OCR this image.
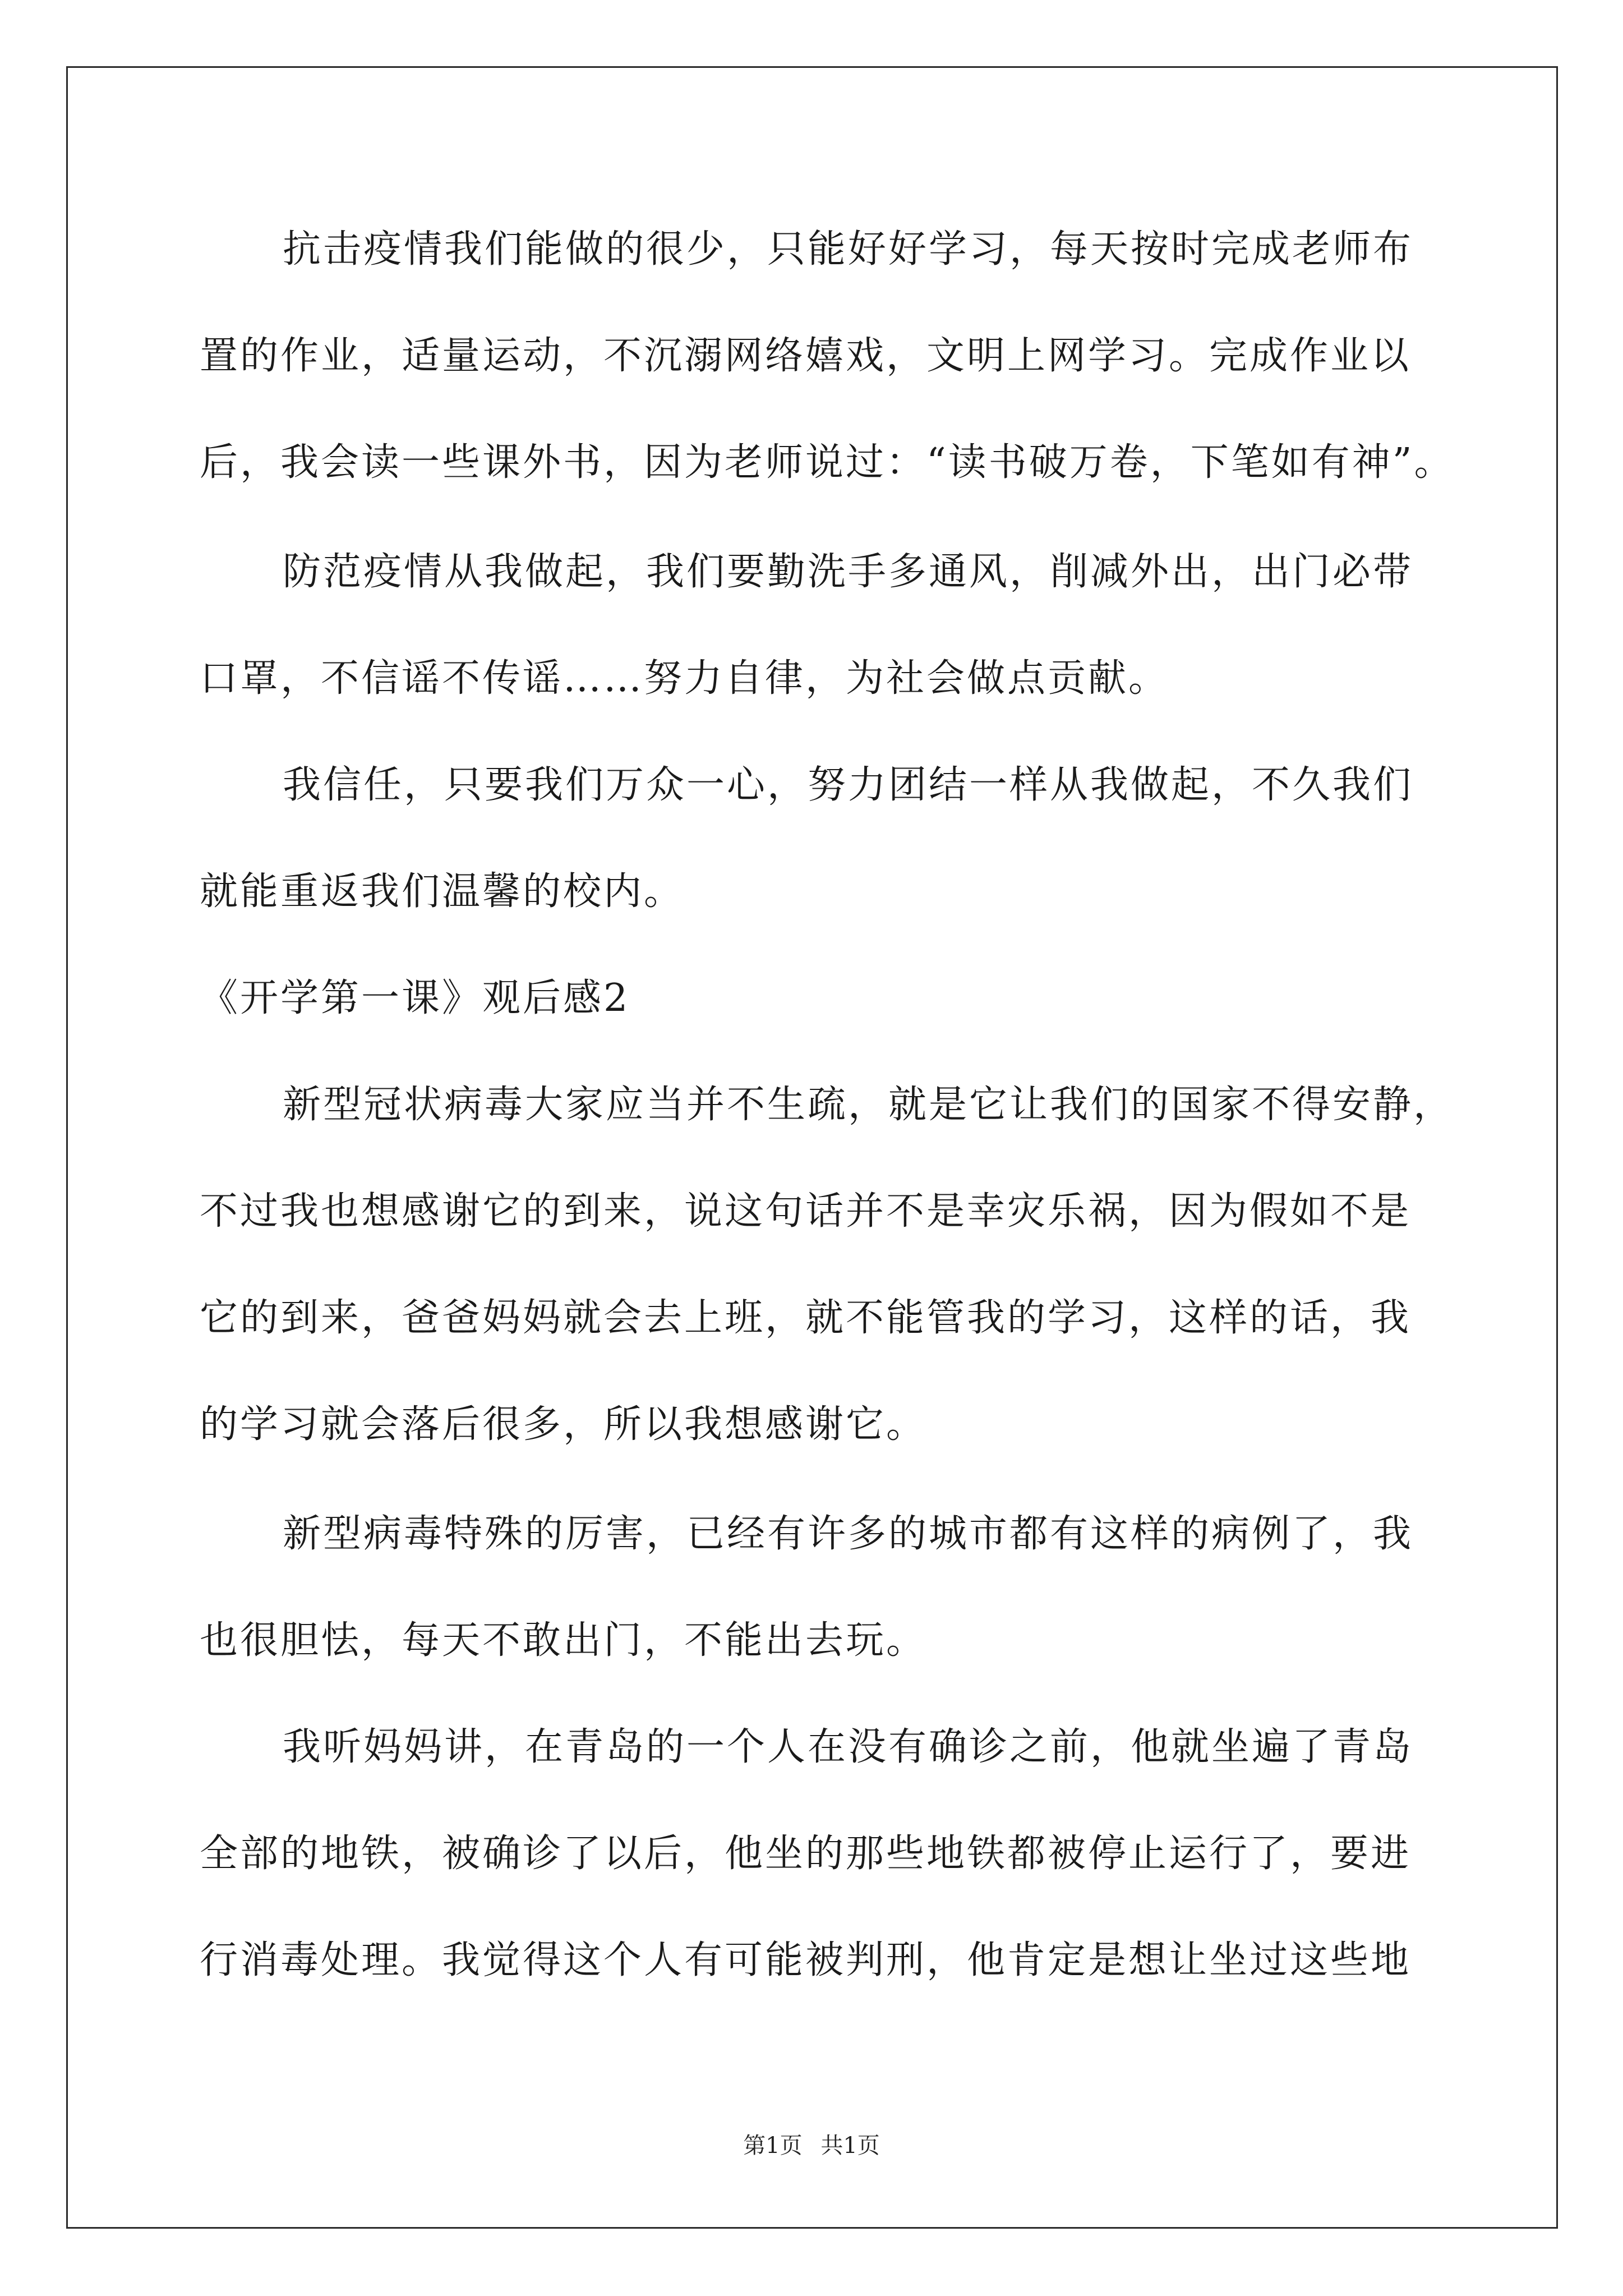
抗击疫情我们能做的很少，只能好好学习，每天按时完成老师布
置的作业，适量运动，不沉溺网络嬉戏，文明上网学习。完成作业以
后，我会读一些课外书，因为老师说过：“读书破万卷，下笔如有神”。
防范疫情从我做起，我们要勤洗手多通风，削减外出，出门必带
口罩，不信谣不传谣……努力自律，为社会做点贡献。
我信任，只要我们万众一心，努力团结一样从我做起，不久我们
就能重返我们温馨的校内。
《开学第一课》观后感2
新型冠状病毒大家应当并不生疏，就是它让我们的国家不得安静，
不过我也想感谢它的到来，说这句话并不是幸灾乐祸，因为假如不是
它的到来，爸爸妈妈就会去上班，就不能管我的学习，这样的话，我
的学习就会落后很多，所以我想感谢它。
新型病毒特殊的厉害，已经有许多的城市都有这样的病例了，我
也很胆怯，每天不敢出门，不能出去玩。
我听妈妈讲，在青岛的一个人在没有确诊之前，他就坐遍了青岛
全部的地铁，被确诊了以后，他坐的那些地铁都被停止运行了，要进
行消毒处理。我觉得这个人有可能被判刑，他肯定是想让坐过这些地
第1页 共1页
